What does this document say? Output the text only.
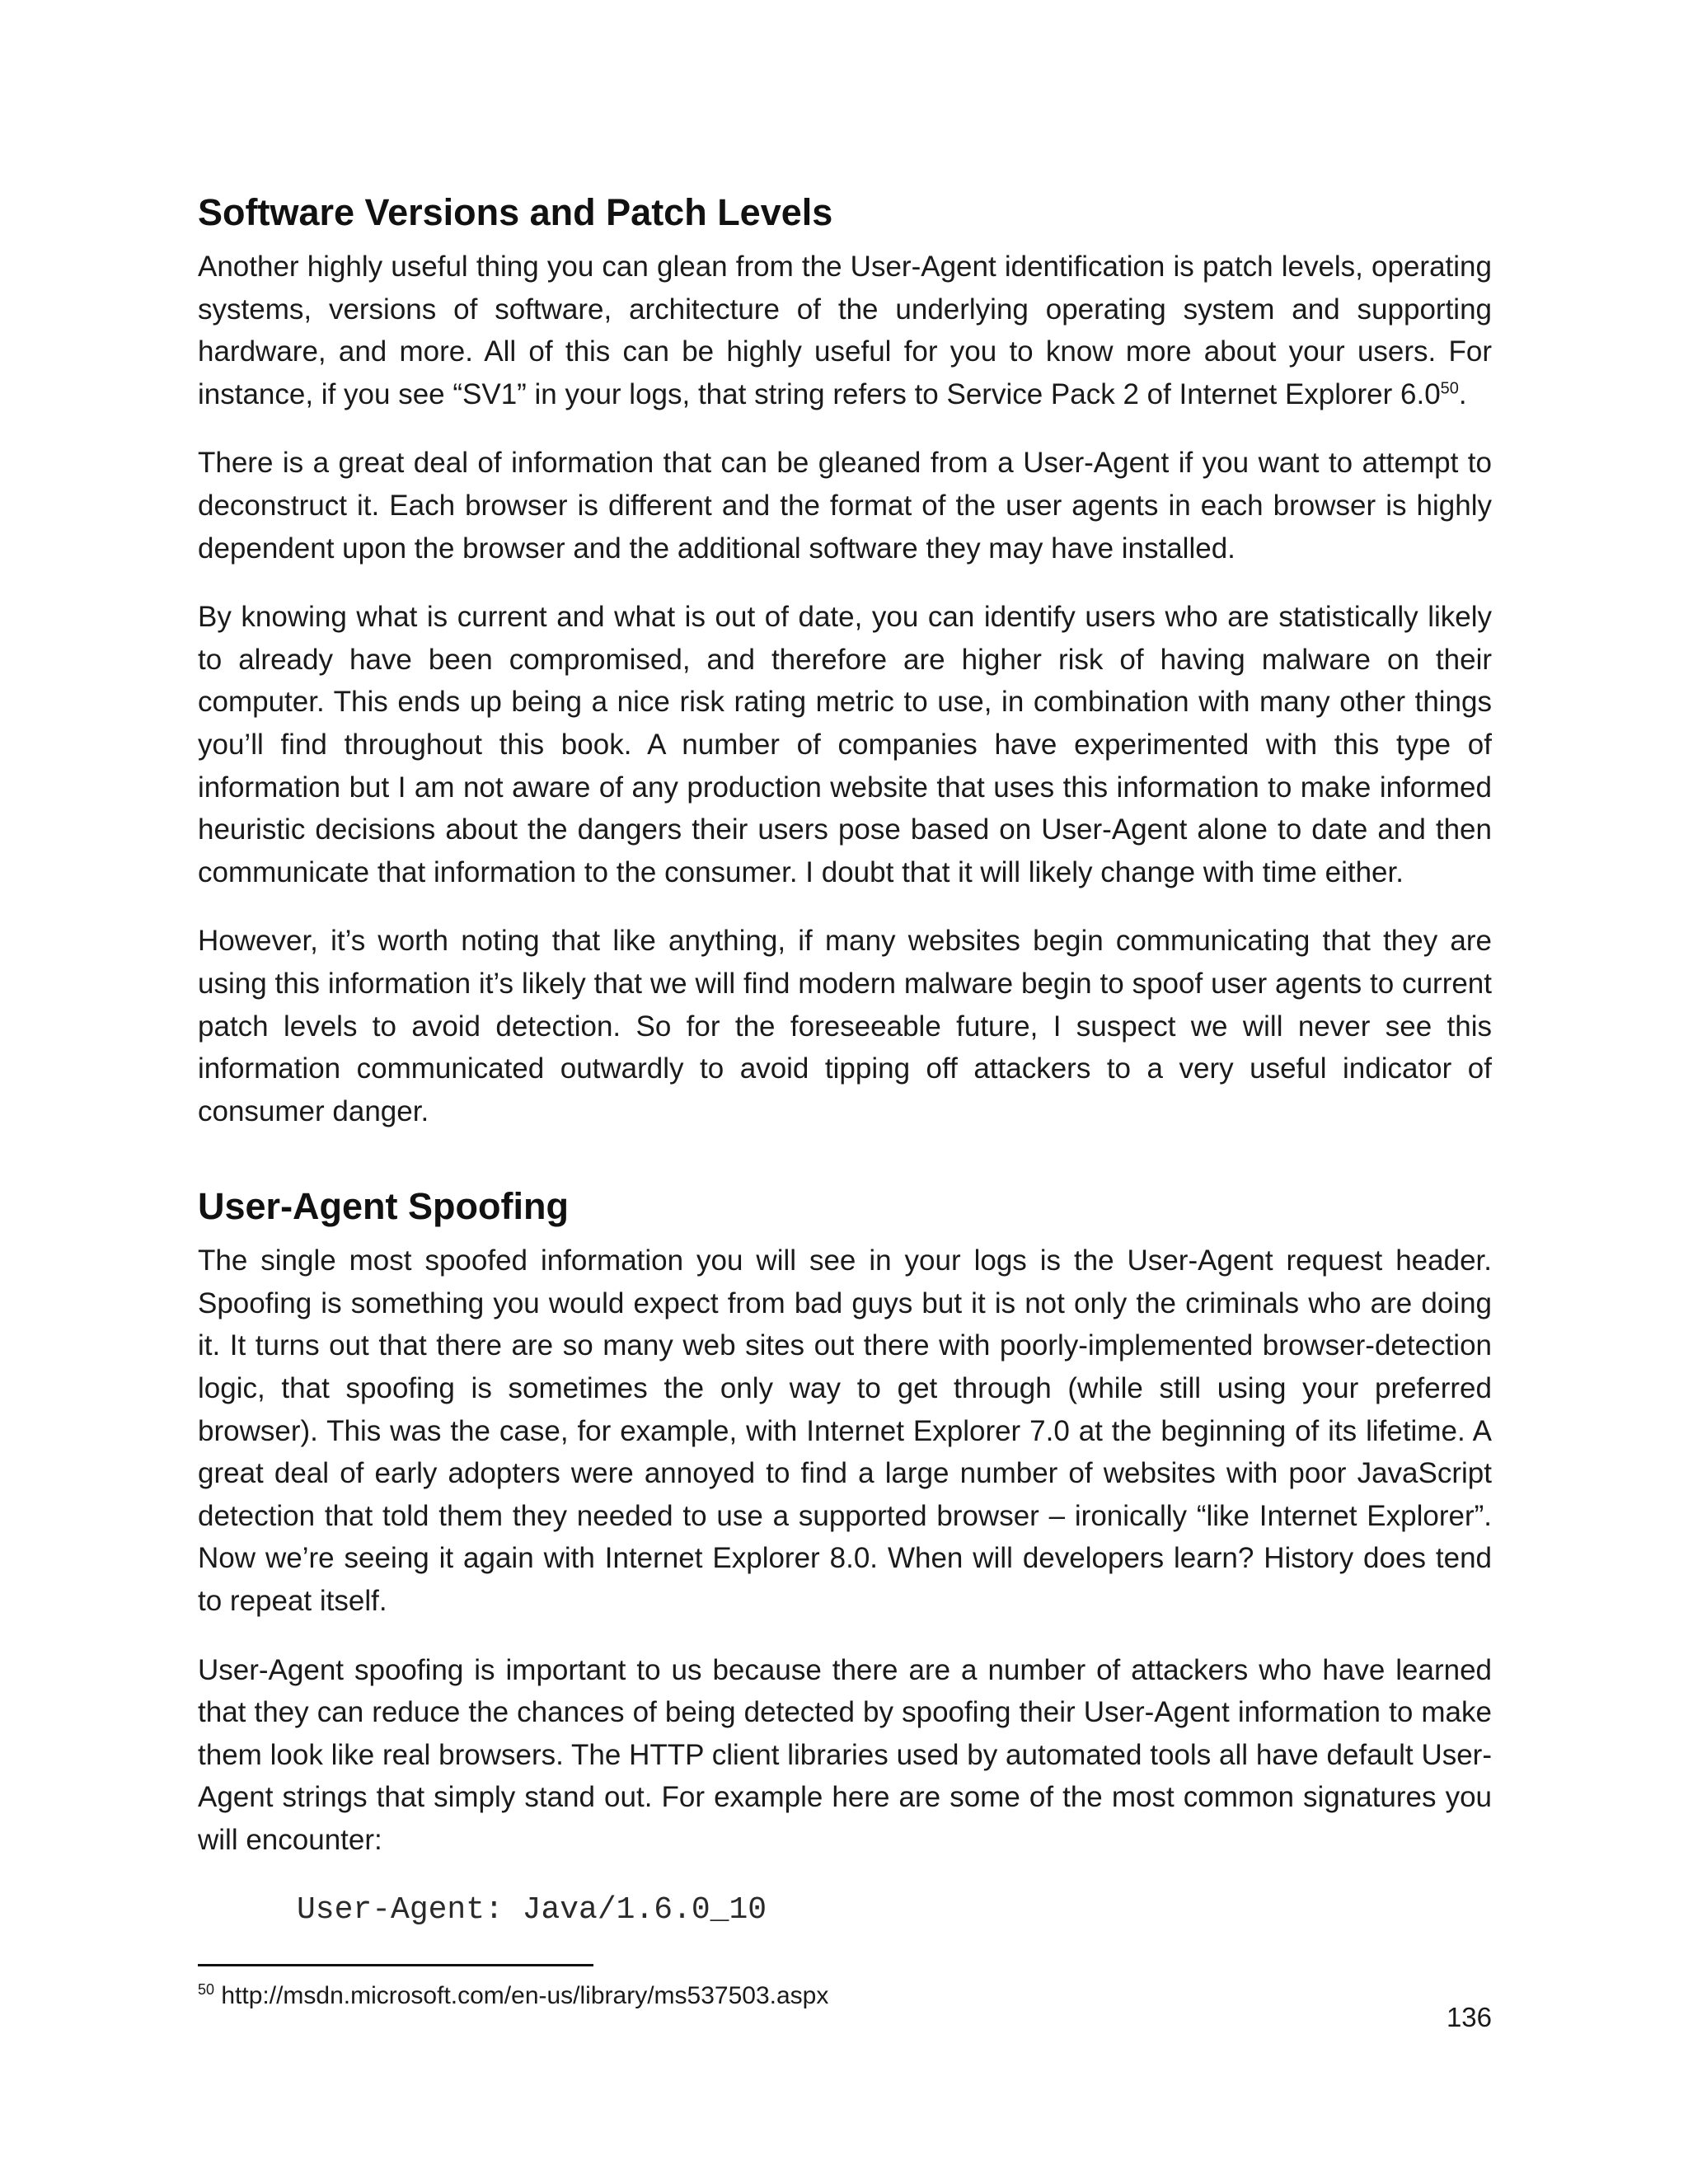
Software Versions and Patch Levels

Another highly useful thing you can glean from the User-Agent identification is patch levels, operating systems, versions of software, architecture of the underlying operating system and supporting hardware, and more. All of this can be highly useful for you to know more about your users. For instance, if you see “SV1” in your logs, that string refers to Service Pack 2 of Internet Explorer $6.0^{50}$.

There is a great deal of information that can be gleaned from a User-Agent if you want to attempt to deconstruct it. Each browser is different and the format of the user agents in each browser is highly dependent upon the browser and the additional software they may have installed.

By knowing what is current and what is out of date, you can identify users who are statistically likely to already have been compromised, and therefore are higher risk of having malware on their computer. This ends up being a nice risk rating metric to use, in combination with many other things you’ll find throughout this book. A number of companies have experimented with this type of information but I am not aware of any production website that uses this information to make informed heuristic decisions about the dangers their users pose based on User-Agent alone to date and then communicate that information to the consumer. I doubt that it will likely change with time either.

However, it’s worth noting that like anything, if many websites begin communicating that they are using this information it’s likely that we will find modern malware begin to spoof user agents to current patch levels to avoid detection. So for the foreseeable future, I suspect we will never see this information communicated outwardly to avoid tipping off attackers to a very useful indicator of consumer danger.

User-Agent Spoofing

The single most spoofed information you will see in your logs is the User-Agent request header. Spoofing is something you would expect from bad guys but it is not only the criminals who are doing it. It turns out that there are so many web sites out there with poorly-implemented browser-detection logic, that spoofing is sometimes the only way to get through (while still using your preferred browser). This was the case, for example, with Internet Explorer 7.0 at the beginning of its lifetime. A great deal of early adopters were annoyed to find a large number of websites with poor JavaScript detection that told them they needed to use a supported browser – ironically “like Internet Explorer”. Now we’re seeing it again with Internet Explorer 8.0. When will developers learn? History does tend to repeat itself.

User-Agent spoofing is important to us because there are a number of attackers who have learned that they can reduce the chances of being detected by spoofing their User-Agent information to make them look like real browsers. The HTTP client libraries used by automated tools all have default User-Agent strings that simply stand out. For example here are some of the most common signatures you will encounter:

User-Agent: Java/1.6.0_10
$^{50}$ http://msdn.microsoft.com/en-us/library/ms537503.aspx
136
